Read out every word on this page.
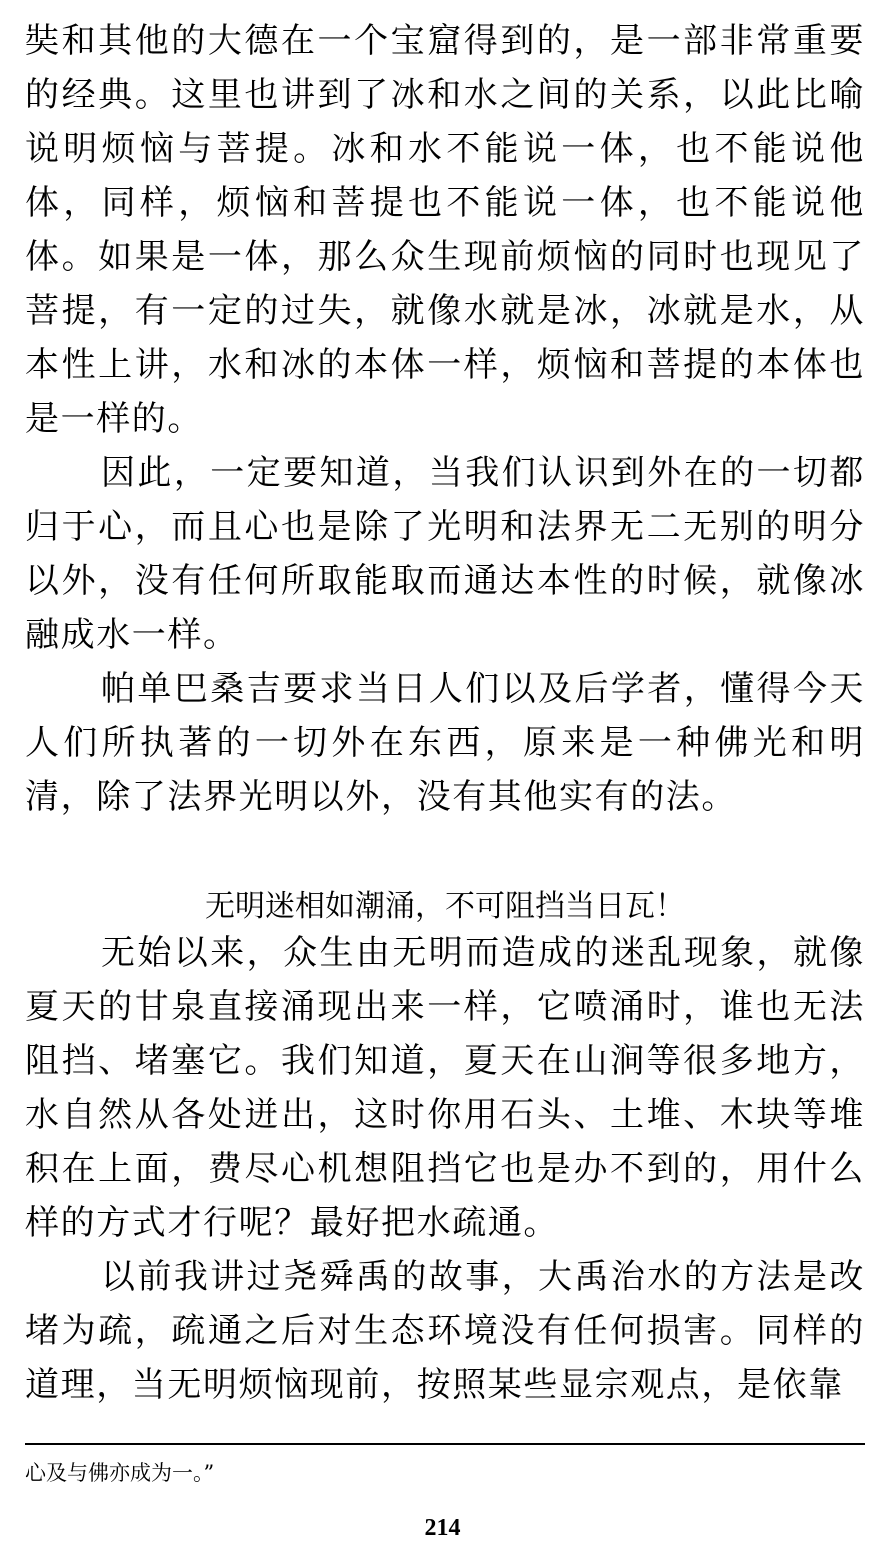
奘和其他的大德在一个宝窟得到的，是一部非常重要的经典。这里也讲到了冰和水之间的关系，以此比喻说明烦恼与菩提。冰和水不能说一体，也不能说他体，同样，烦恼和菩提也不能说一体，也不能说他体。如果是一体，那么众生现前烦恼的同时也现见了菩提，有一定的过失，就像水就是冰，冰就是水，从本性上讲，水和冰的本体一样，烦恼和菩提的本体也是一样的。

因此，一定要知道，当我们认识到外在的一切都归于心，而且心也是除了光明和法界无二无别的明分以外，没有任何所取能取而通达本性的时候，就像冰融成水一样。

帕单巴桑吉要求当日人们以及后学者，懂得今天人们所执著的一切外在东西，原来是一种佛光和明清，除了法界光明以外，没有其他实有的法。

无明迷相如潮涌，不可阻挡当日瓦！

无始以来，众生由无明而造成的迷乱现象，就像夏天的甘泉直接涌现出来一样，它喷涌时，谁也无法阻挡、堵塞它。我们知道，夏天在山涧等很多地方，水自然从各处迸出，这时你用石头、土堆、木块等堆积在上面，费尽心机想阻挡它也是办不到的，用什么样的方式才行呢？最好把水疏通。

以前我讲过尧舜禹的故事，大禹治水的方法是改堵为疏，疏通之后对生态环境没有任何损害。同样的道理，当无明烦恼现前，按照某些显宗观点，是依靠

心及与佛亦成为一。”
214
